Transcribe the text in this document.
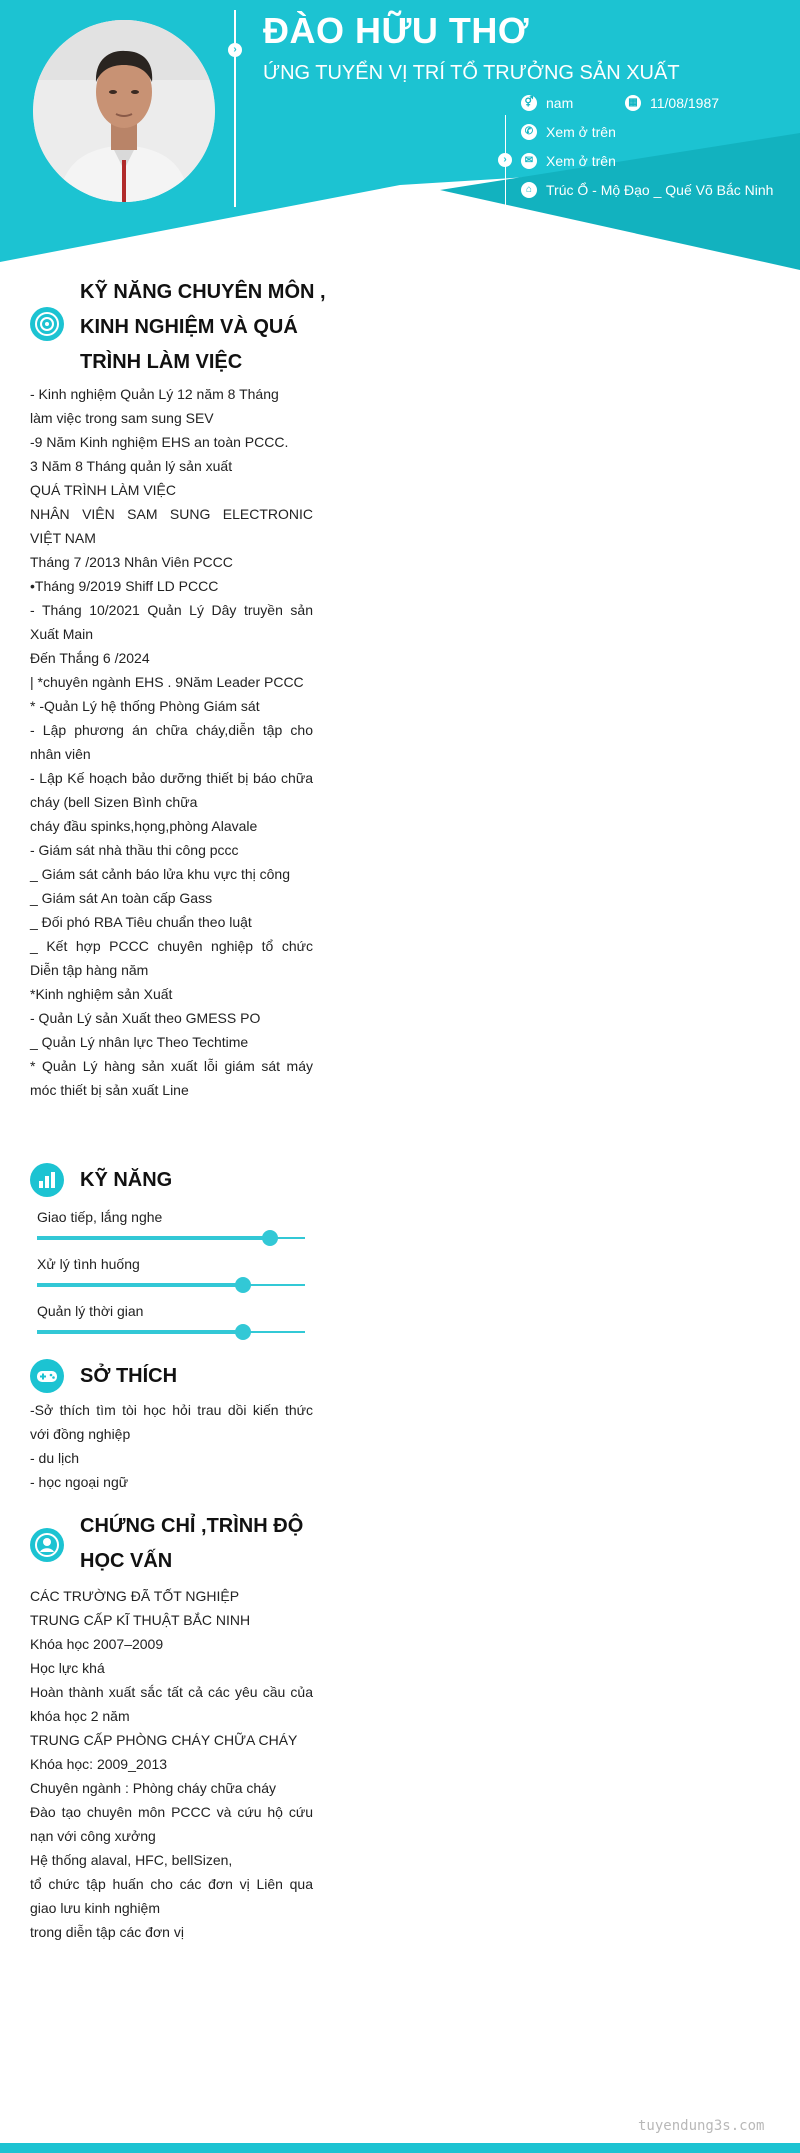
› ĐÀO HỮU THƠ
ỨNG TUYỂN VỊ TRÍ TỔ TRƯỞNG SẢN XUẤT
›
⚥ nam	▦ 11/08/1987
✆ Xem ở trên
✉ Xem ở trên
⌂ Trúc Ổ - Mộ Đạo _ Quế Võ Bắc Ninh
KỸ NĂNG CHUYÊN MÔN , KINH NGHIỆM VÀ QUÁ TRÌNH LÀM VIỆC
- Kinh nghiệm Quản Lý 12 năm 8 Tháng
làm việc trong sam sung SEV
-9 Năm Kinh nghiệm EHS an toàn PCCC.
3 Năm 8 Tháng quản lý sản xuất
QUÁ TRÌNH LÀM VIỆC
NHÂN VIÊN SAM SUNG ELECTRONIC VIỆT NAM
Tháng 7 /2013 Nhân Viên PCCC
•Tháng 9/2019 Shiff LD PCCC
- Tháng 10/2021 Quản Lý Dây truyền sản Xuất Main
Đến Thắng 6 /2024
| *chuyên ngành EHS . 9Năm Leader PCCC
* -Quản Lý hệ thống Phòng Giám sát
- Lập phương án chữa cháy,diễn tập cho nhân viên
- Lập Kế hoạch bảo dưỡng thiết bị báo chữa cháy (bell Sizen Bình chữa
cháy đầu spinks,họng,phòng Alavale
- Giám sát nhà thầu thi công pccc
_ Giám sát cảnh báo lửa khu vực thị công
_ Giám sát An toàn cấp Gass
_ Đối phó RBA Tiêu chuẩn theo luật
_ Kết hợp PCCC chuyên nghiệp tổ chức Diễn tập hàng năm
*Kinh nghiệm sản Xuất
- Quản Lý sản Xuất theo GMESS PO
_ Quản Lý nhân lực Theo Techtime
* Quản Lý hàng sản xuất lỗi giám sát máy móc thiết bị sản xuất Line
KỸ NĂNG
Giao tiếp, lắng nghe
Xử lý tình huống
Quản lý thời gian
SỞ THÍCH
-Sở thích tìm tòi học hỏi trau dồi kiến thức với đồng nghiệp
- du lịch
- học ngoại ngữ
CHỨNG CHỈ ,TRÌNH ĐỘ HỌC VẤN
CÁC TRƯỜNG ĐÃ TỐT NGHIỆP
TRUNG CẤP KĨ THUẬT BẮC NINH
Khóa học 2007–2009
Học lực khá
Hoàn thành xuất sắc tất cả các yêu cầu của khóa học 2 năm
TRUNG CẤP PHÒNG CHÁY CHỮA CHÁY
Khóa học: 2009_2013
Chuyên ngành : Phòng cháy chữa cháy
Đào tạo chuyên môn PCCC và cứu hộ cứu nạn với công xưởng
Hệ thống alaval, HFC, bellSizen,
tổ chức tập huấn cho các đơn vị Liên qua giao lưu kinh nghiệm
trong diễn tập các đơn vị
tuyendung3s.com
